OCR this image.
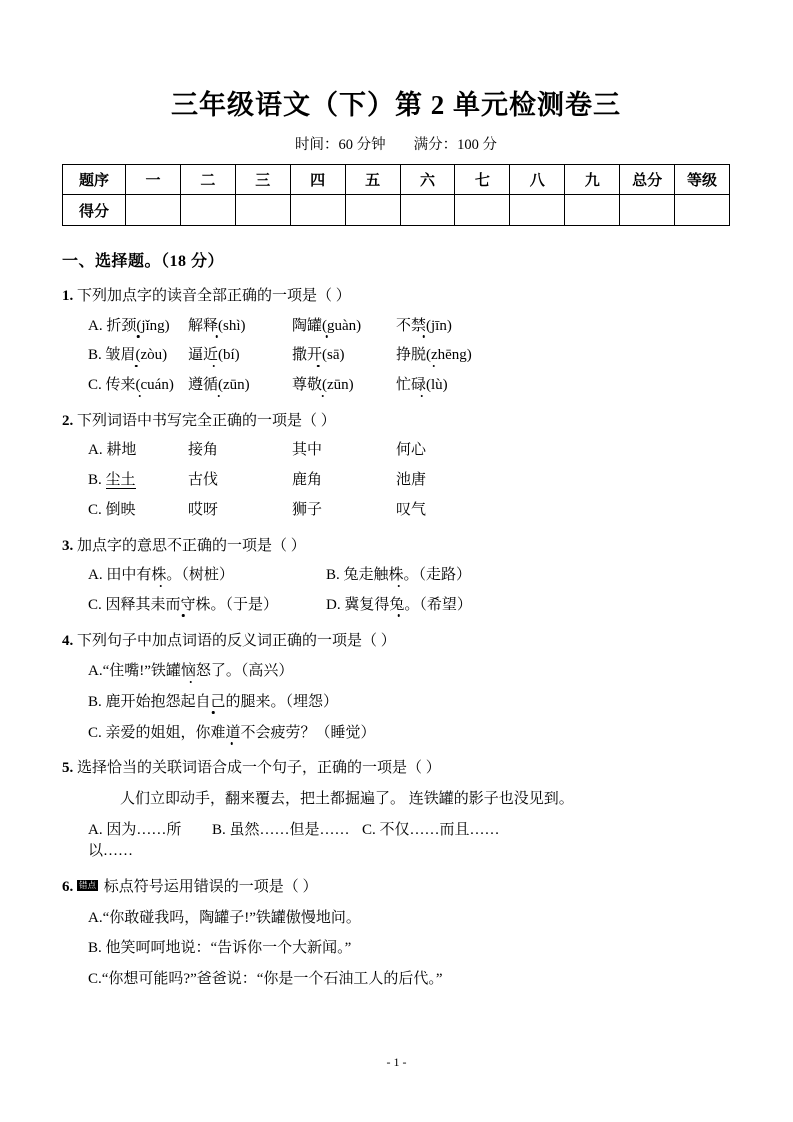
三年级语文（下）第 2 单元检测卷三
时间：60 分钟 满分：100 分
题序	一	二	三	四	五	六	七	八	九	总分	等级
得分											
一、选择题。（18 分）
1. 下列加点字的读音全部正确的一项是（ ）
A. 折颈(jǐng)	解释(shì)	陶罐(guàn)	不禁(jīn)
B. 皱眉(zòu)	逼近(bí)	撒开(sā)	挣脱(zhēng)
C. 传来(cuán) 遵循(zūn)	尊敬(zūn)	忙碌(lù)
2. 下列词语中书写完全正确的一项是（ ）
A. 耕地	接角	其中	何心
B. 尘土	古伐	鹿角	池唐
C. 倒映	哎呀	狮子	叹气
3. 加点字的意思不正确的一项是（ ）
A. 田中有株。（树桩）	B. 兔走触株。（走路）
C. 因释其耒而守株。（于是）	D. 冀复得兔。（希望）
4. 下列句子中加点词语的反义词正确的一项是（ ）
A.“住嘴!”铁罐恼怒了。（高兴）
B. 鹿开始抱怨起自己的腿来。（埋怨）
C. 亲爱的姐姐，你难道不会疲劳？（睡觉）
5. 选择恰当的关联词语合成一个句子，正确的一项是（ ）
人们立即动手，翻来覆去，把土都掘遍了。 连铁罐的影子也没见到。
A. 因为……所以……
B. 虽然……但是…… C. 不仅……而且……
6. 错点 标点符号运用错误的一项是（ ）
A.“你敢碰我吗，陶罐子!”铁罐傲慢地问。
B. 他笑呵呵地说：“告诉你一个大新闻。”
C.“你想可能吗?”爸爸说：“你是一个石油工人的后代。”
- 1 -
